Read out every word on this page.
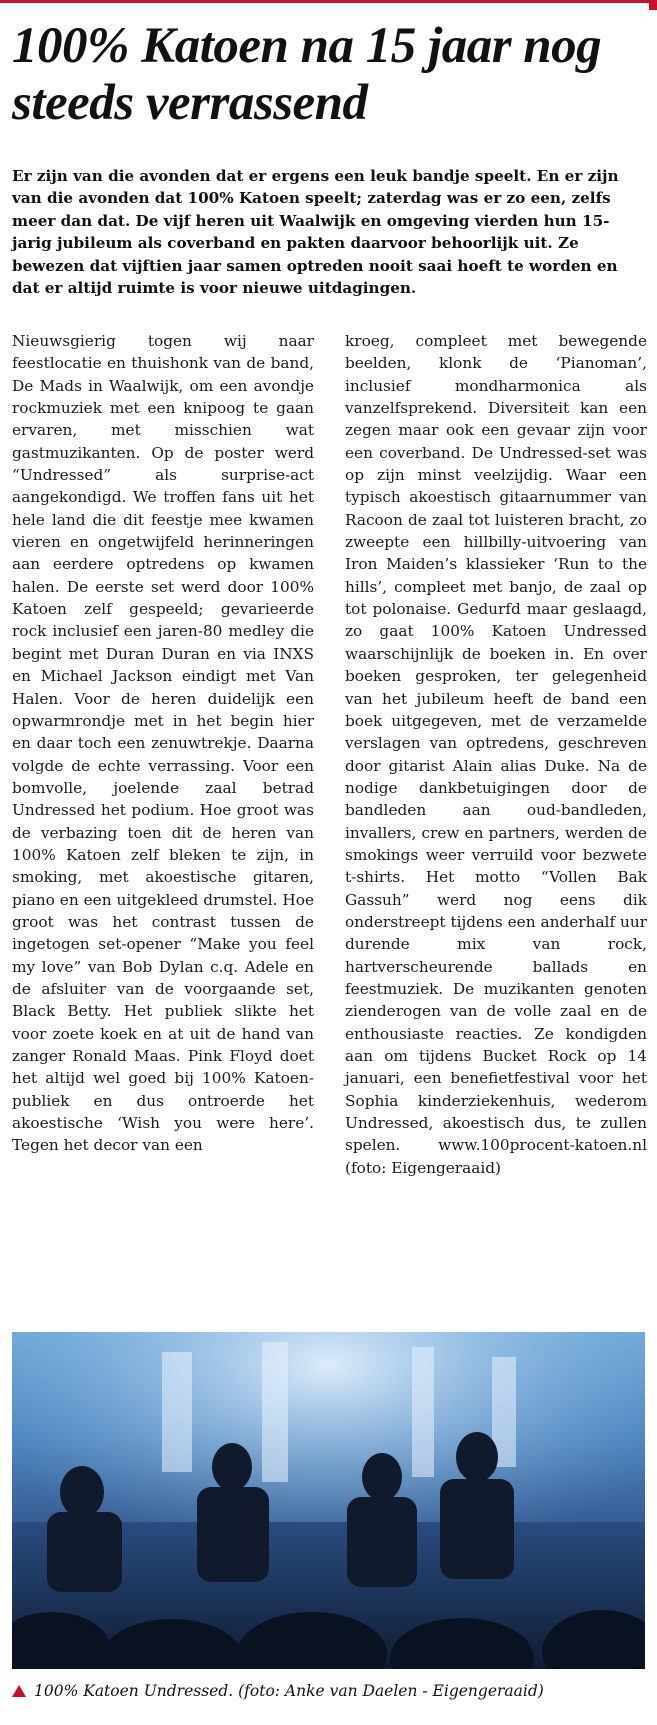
100% Katoen na 15 jaar nog steeds verrassend

Er zijn van die avonden dat er ergens een leuk bandje speelt. En er zijn van die avonden dat 100% Katoen speelt; zaterdag was er zo een, zelfs meer dan dat. De vijf heren uit Waalwijk en omgeving vierden hun 15-jarig jubileum als coverband en pakten daarvoor behoorlijk uit. Ze bewezen dat vijftien jaar samen optreden nooit saai hoeft te worden en dat er altijd ruimte is voor nieuwe uitdagingen.

Nieuwsgierig togen wij naar feestlocatie en thuishonk van de band, De Mads in Waalwijk, om een avondje rockmuziek met een knipoog te gaan ervaren, met misschien wat gastmuzikanten. Op de poster werd “Undressed” als surprise-act aangekondigd. We troffen fans uit het hele land die dit feestje mee kwamen vieren en ongetwijfeld herinneringen aan eerdere optredens op kwamen halen. De eerste set werd door 100% Katoen zelf gespeeld; gevarieerde rock inclusief een jaren-80 medley die begint met Duran Duran en via INXS en Michael Jackson eindigt met Van Halen. Voor de heren duidelijk een opwarmrondje met in het begin hier en daar toch een zenuwtrekje. Daarna volgde de echte verrassing. Voor een bomvolle, joelende zaal betrad Undressed het podium. Hoe groot was de verbazing toen dit de heren van 100% Katoen zelf bleken te zijn, in smoking, met akoestische gitaren, piano en een uitgekleed drumstel. Hoe groot was het contrast tussen de ingetogen set-opener “Make you feel my love” van Bob Dylan c.q. Adele en de afsluiter van de voorgaande set, Black Betty. Het publiek slikte het voor zoete koek en at uit de hand van zanger Ronald Maas. Pink Floyd doet het altijd wel goed bij 100% Katoen-publiek en dus ontroerde het akoestische ‘Wish you were here’. Tegen het decor van een

kroeg, compleet met bewegende beelden, klonk de ‘Pianoman’, inclusief mondharmonica als vanzelfsprekend. Diversiteit kan een zegen maar ook een gevaar zijn voor een coverband. De Undressed-set was op zijn minst veelzijdig. Waar een typisch akoestisch gitaarnummer van Racoon de zaal tot luisteren bracht, zo zweepte een hillbilly-uitvoering van Iron Maiden’s klassieker ‘Run to the hills’, compleet met banjo, de zaal op tot polonaise. Gedurfd maar geslaagd, zo gaat 100% Katoen Undressed waarschijnlijk de boeken in. En over boeken gesproken, ter gelegenheid van het jubileum heeft de band een boek uitgegeven, met de verzamelde verslagen van optredens, geschreven door gitarist Alain alias Duke. Na de nodige dankbetuigingen door de bandleden aan oud-bandleden, invallers, crew en partners, werden de smokings weer verruild voor bezwete t-shirts. Het motto “Vollen Bak Gassuh” werd nog eens dik onderstreept tijdens een anderhalf uur durende mix van rock, hartverscheurende ballads en feestmuziek. De muzikanten genoten zienderogen van de volle zaal en de enthousiaste reacties. Ze kondigden aan om tijdens Bucket Rock op 14 januari, een benefietfestival voor het Sophia kinderziekenhuis, wederom Undressed, akoestisch dus, te zullen spelen. www.100procent-katoen.nl (foto: Eigengeraaid)

100% Katoen Undressed. (foto: Anke van Daelen - Eigengeraaid)
